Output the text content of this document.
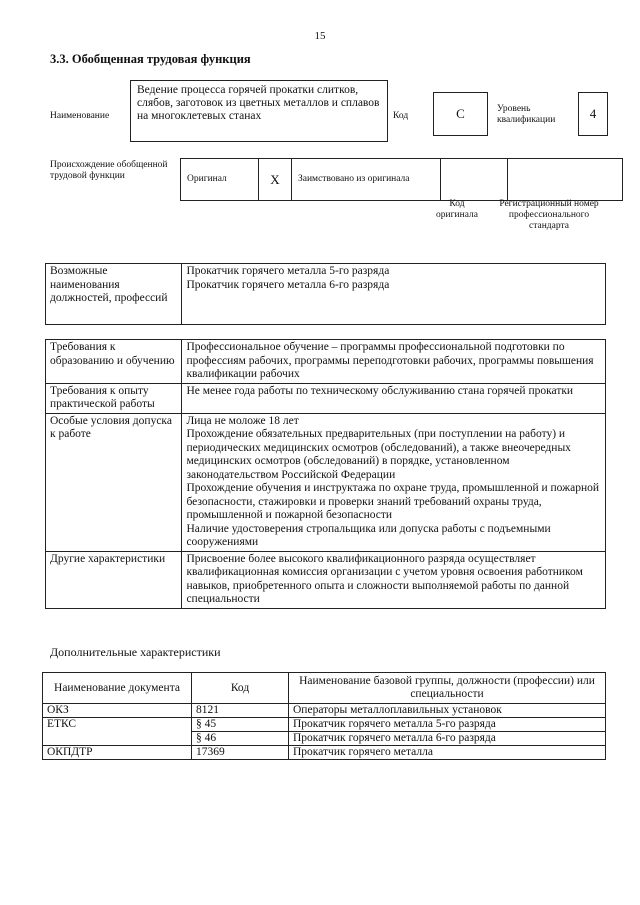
15
3.3. Обобщенная трудовая функция
Наименование
Ведение процесса горячей прокатки слитков, слябов, заготовок из цветных металлов и сплавов на многоклетевых станах	Код	C	Уровень квалификации	4
Происхождение обобщенной трудовой функции	Оригинал	X	Заимствовано из оригинала		
Код оригинала
Регистрационный номер профессионального стандарта
Возможные наименования должностей, профессий	
Прокатчик горячего металла 5-го разряда
Прокатчик горячего металла 6-го разряда
Требования к образованию и обучению	Профессиональное обучение – программы профессиональной подготовки по профессиям рабочих, программы переподготовки рабочих, программы повышения квалификации рабочих
Требования к опыту практической работы	Не менее года работы по техническому обслуживанию стана горячей прокатки
Особые условия допуска к работе	Лица не моложе 18 лет
Прохождение обязательных предварительных (при поступлении на работу) и периодических медицинских осмотров (обследований), а также внеочередных медицинских осмотров (обследований) в порядке, установленном законодательством Российской Федерации
Прохождение обучения и инструктажа по охране труда, промышленной и пожарной безопасности, стажировки и проверки знаний требований охраны труда, промышленной и пожарной безопасности
Наличие удостоверения стропальщика или допуска работы с подъемными сооружениями

Другие характеристики	Присвоение более высокого квалификационного разряда осуществляет квалификационная комиссия организации с учетом уровня освоения работником навыков, приобретенного опыта и сложности выполняемой работы по данной специальности
Дополнительные характеристики
Наименование документа	Код	Наименование базовой группы, должности (профессии) или специальности
ОКЗ	8121	Операторы металлоплавильных установок
ЕТКС	§ 45	Прокатчик горячего металла 5-го разряда
	§ 46	Прокатчик горячего металла 6-го разряда
ОКПДТР	17369	Прокатчик горячего металла
